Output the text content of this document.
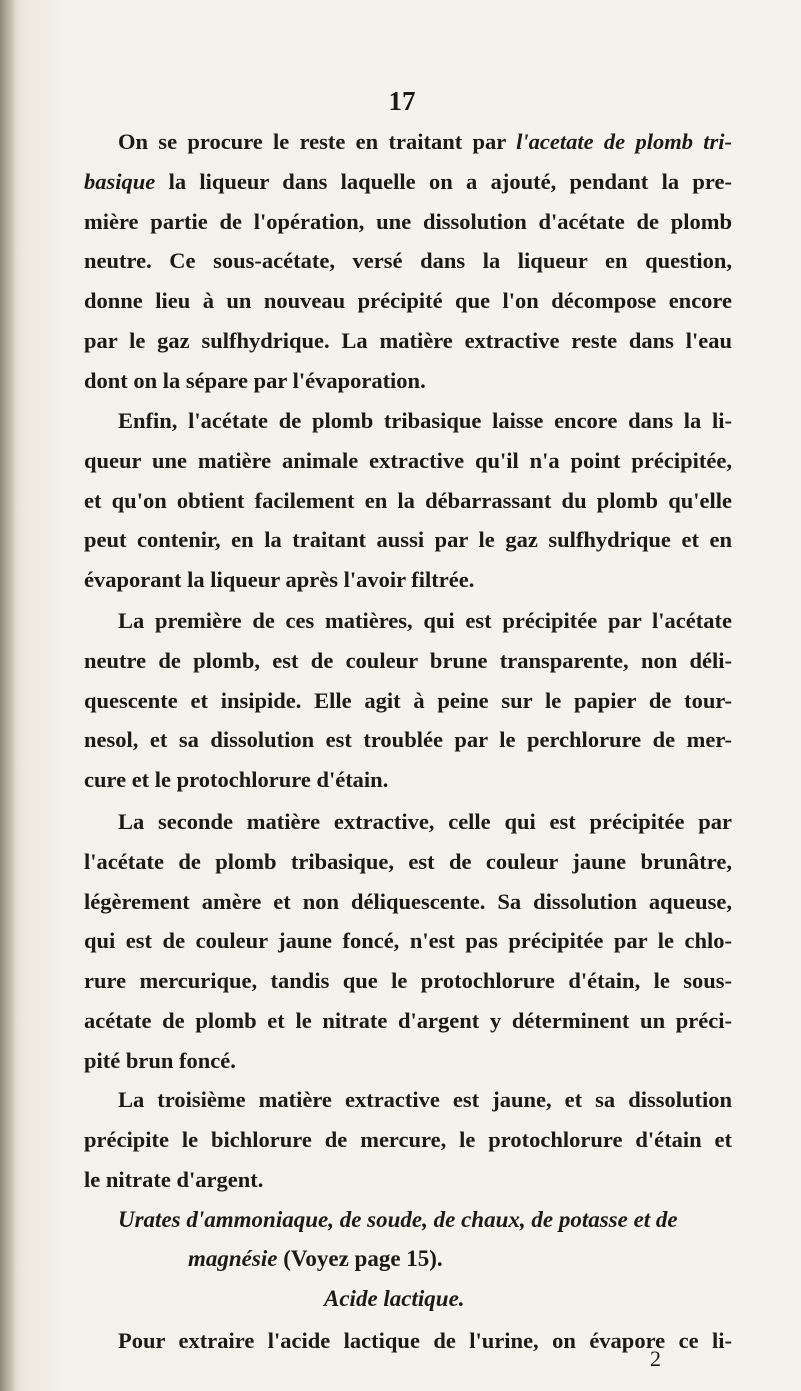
17
On se procure le reste en traitant par l'acetate de plomb tri-
basique la liqueur dans laquelle on a ajouté, pendant la pre-
mière partie de l'opération, une dissolution d'acétate de plomb
neutre. Ce sous-acétate, versé dans la liqueur en question,
donne lieu à un nouveau précipité que l'on décompose encore
par le gaz sulfhydrique. La matière extractive reste dans l'eau
dont on la sépare par l'évaporation.
Enfin, l'acétate de plomb tribasique laisse encore dans la li-
queur une matière animale extractive qu'il n'a point précipitée,
et qu'on obtient facilement en la débarrassant du plomb qu'elle
peut contenir, en la traitant aussi par le gaz sulfhydrique et en
évaporant la liqueur après l'avoir filtrée.
La première de ces matières, qui est précipitée par l'acétate
neutre de plomb, est de couleur brune transparente, non déli-
quescente et insipide. Elle agit à peine sur le papier de tour-
nesol, et sa dissolution est troublée par le perchlorure de mer-
cure et le protochlorure d'étain.
La seconde matière extractive, celle qui est précipitée par
l'acétate de plomb tribasique, est de couleur jaune brunâtre,
légèrement amère et non déliquescente. Sa dissolution aqueuse,
qui est de couleur jaune foncé, n'est pas précipitée par le chlo-
rure mercurique, tandis que le protochlorure d'étain, le sous-
acétate de plomb et le nitrate d'argent y déterminent un préci-
pité brun foncé.
La troisième matière extractive est jaune, et sa dissolution
précipite le bichlorure de mercure, le protochlorure d'étain et
le nitrate d'argent.
Urates d'ammoniaque, de soude, de chaux, de potasse et de
magnésie (Voyez page 15).
Acide lactique.
Pour extraire l'acide lactique de l'urine, on évapore ce li-
2
